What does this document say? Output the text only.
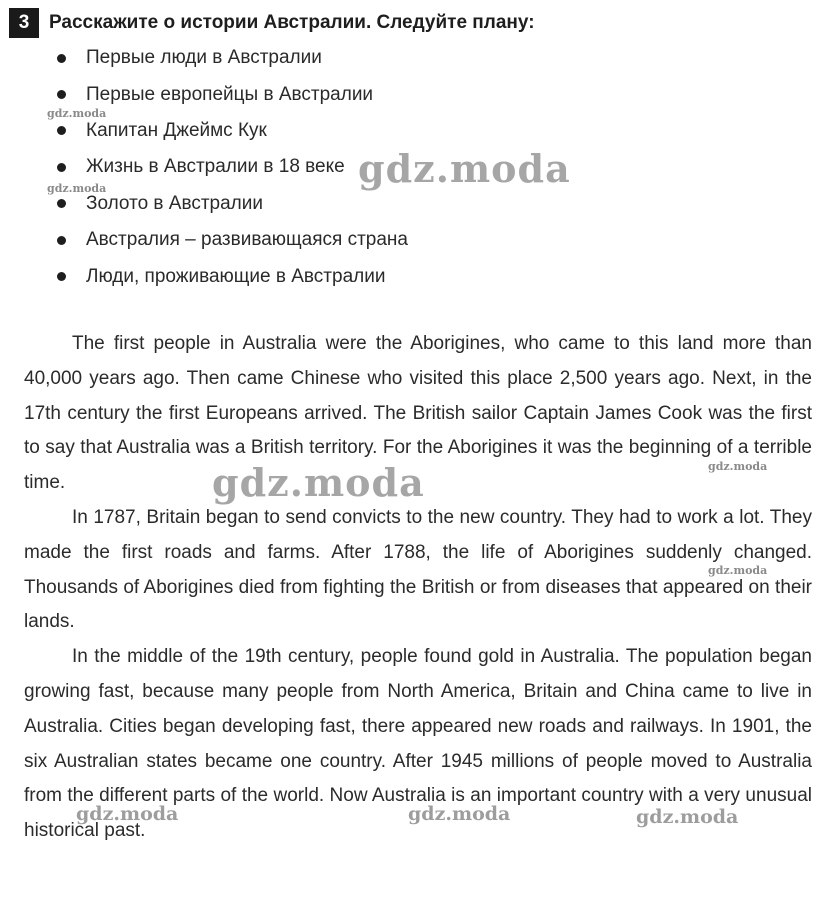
3	Расскажите о истории Австралии. Следуйте плану:
Первые люди в Австралии
Первые европейцы в Австралии
Капитан Джеймс Кук
Жизнь в Австралии в 18 веке
Золото в Австралии
Австралия – развивающаяся страна
Люди, проживающие в Австралии

The first people in Australia were the Aborigines, who came to this land more than 40,000 years ago. Then came Chinese who visited this place 2,500 years ago. Next, in the 17th century the first Europeans arrived. The British sailor Captain James Cook was the first to say that Australia was a British territory. For the Aborigines it was the beginning of a terrible time.

In 1787, Britain began to send convicts to the new country. They had to work a lot. They made the first roads and farms. After 1788, the life of Aborigines suddenly changed. Thousands of Aborigines died from fighting the British or from diseases that appeared on their lands.

In the middle of the 19th century, people found gold in Australia. The population began growing fast, because many people from North America, Britain and China came to live in Australia. Cities began developing fast, there appeared new roads and railways. In 1901, the six Australian states became one country. After 1945 millions of people moved to Australia from the different parts of the world. Now Australia is an important country with a very unusual historical past.

gdz.moda
gdz.moda	gdz.moda
gdz.moda	gdz.moda
gdz.moda
gdz.moda	gdz.moda	gdz.moda
